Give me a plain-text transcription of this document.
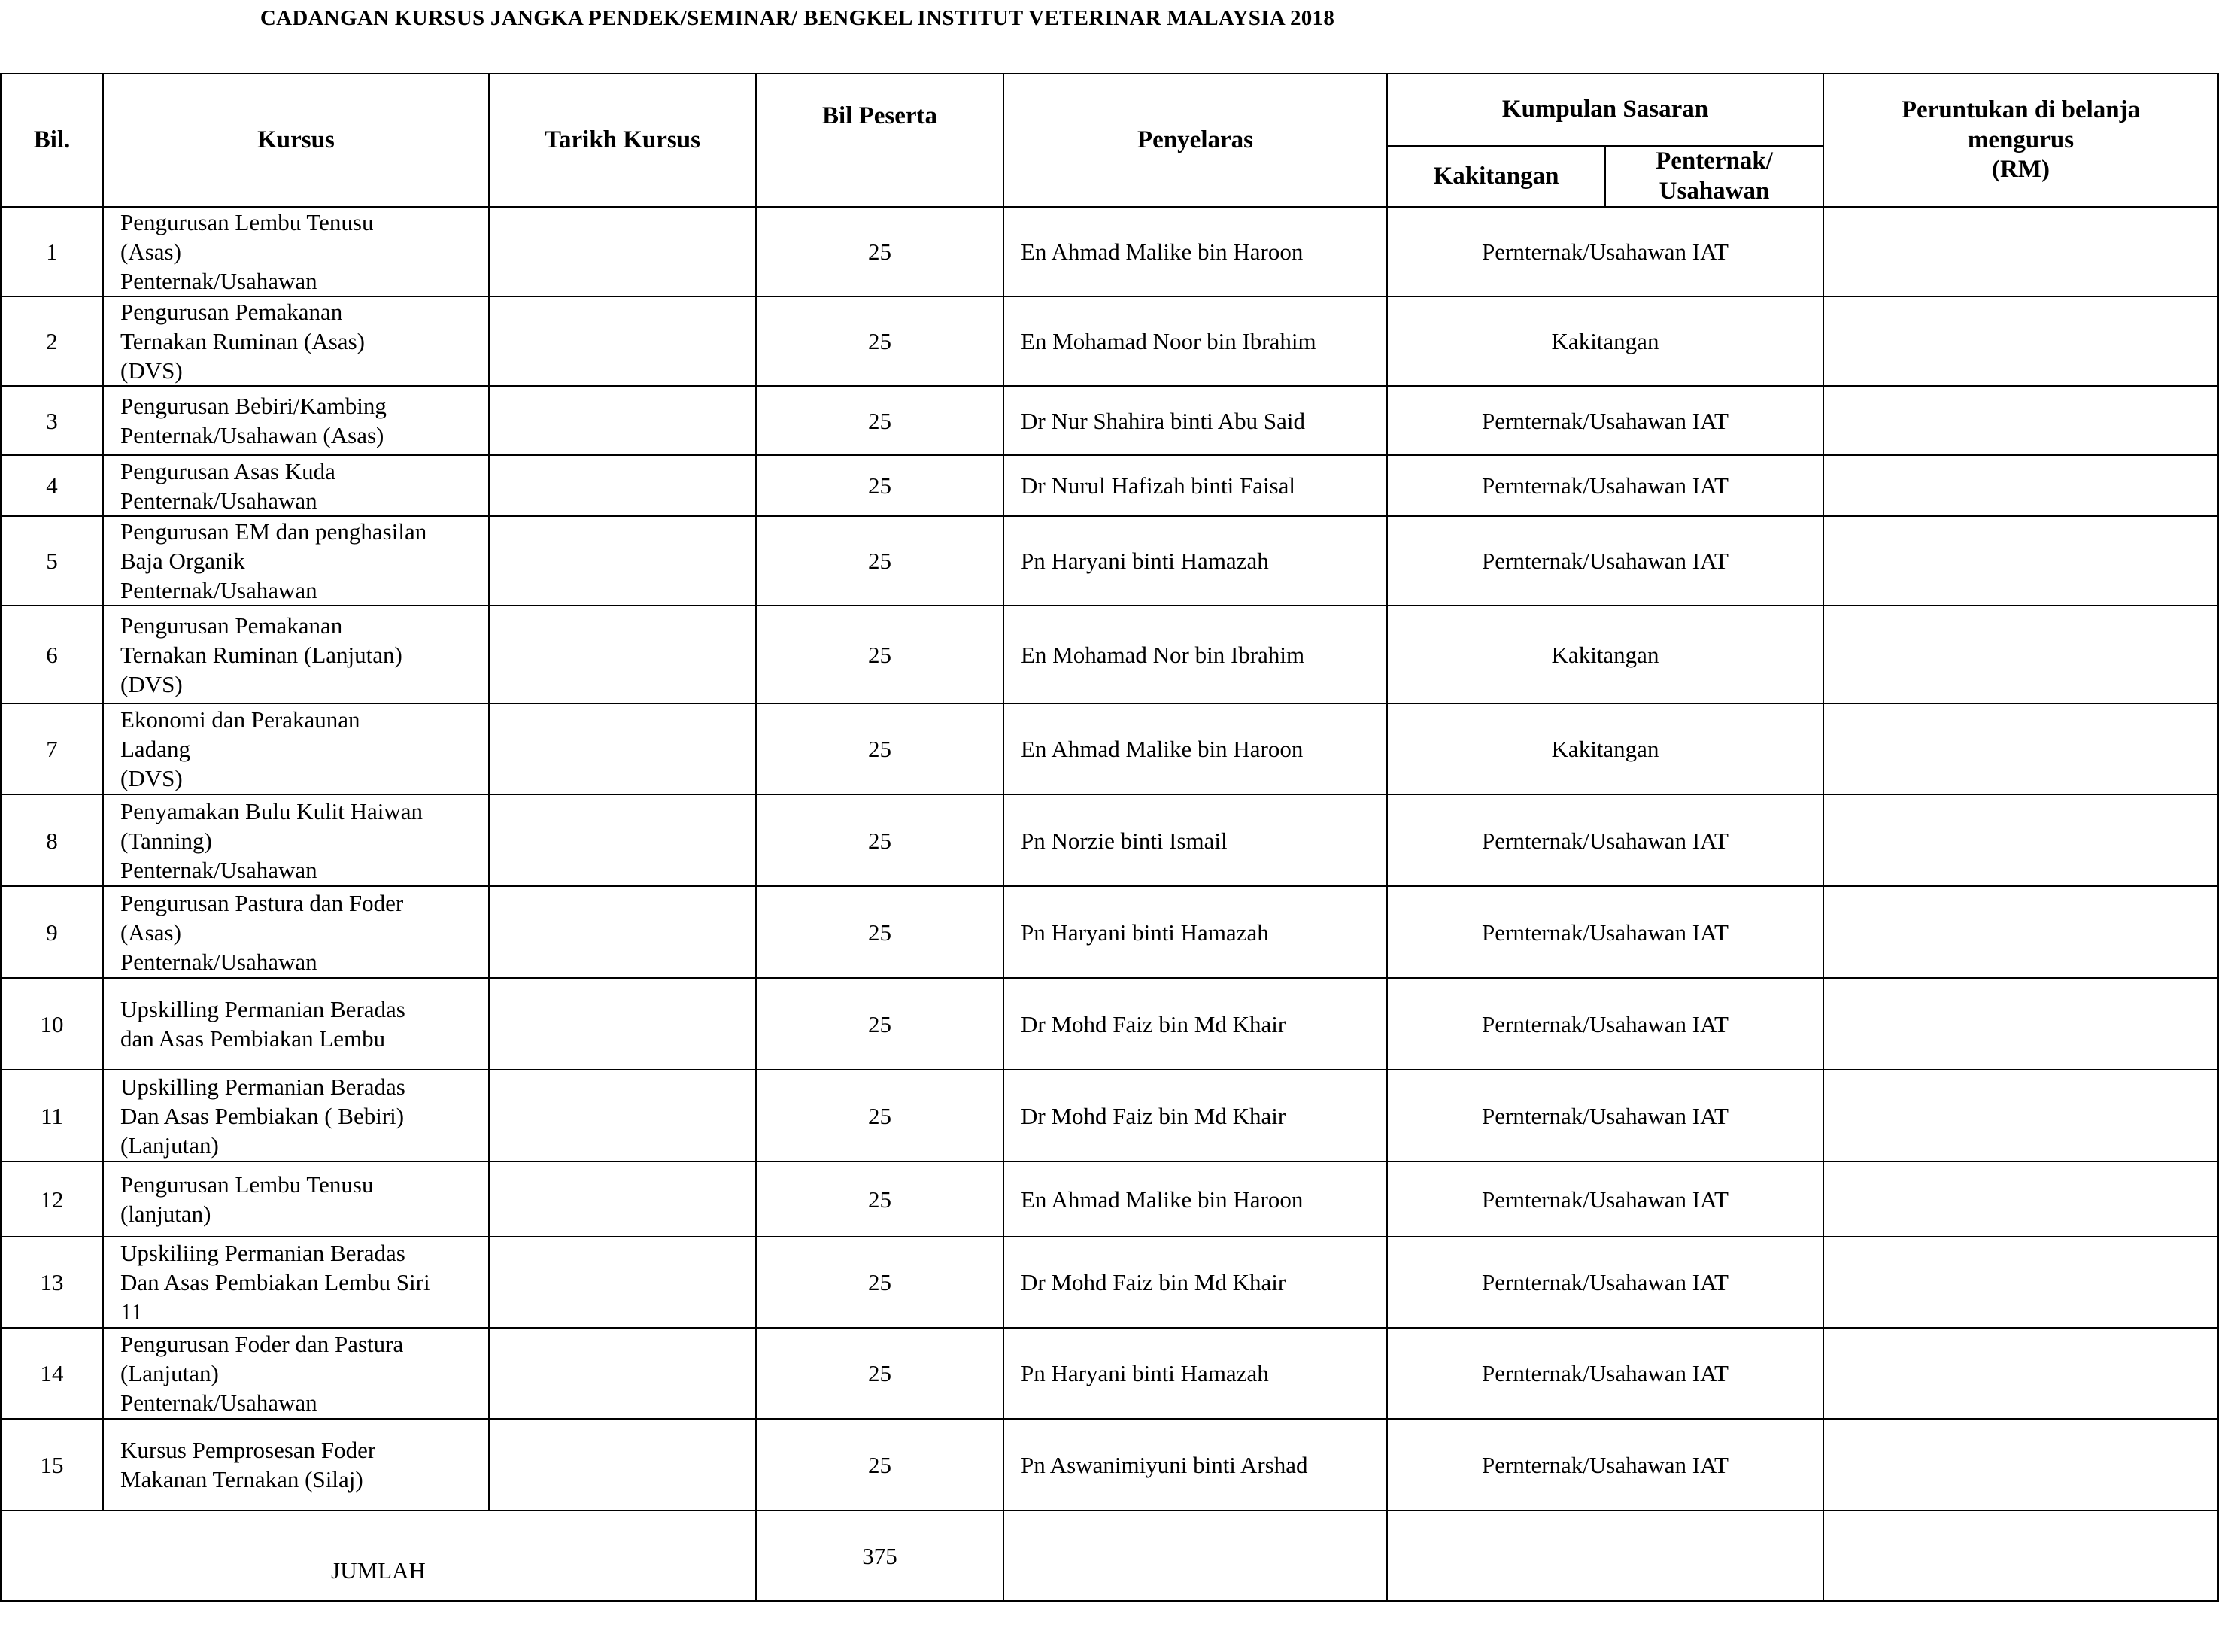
CADANGAN KURSUS JANGKA PENDEK/SEMINAR/ BENGKEL INSTITUT VETERINAR MALAYSIA 2018
Bil.	Kursus	Tarikh Kursus	Bil Peserta	Penyelaras	Kumpulan Sasaran		Peruntukan di belanja
mengurus
(RM)

					Kakitangan	Penternak/
Usahawan	

1	Pengurusan Lembu Tenusu
(Asas)
Penternak/Usahawan		25	En Ahmad Malike bin Haroon	Pernternak/Usahawan IAT		
2	Pengurusan Pemakanan
Ternakan Ruminan (Asas)
(DVS)		25	En Mohamad Noor bin Ibrahim	Kakitangan		
3	Pengurusan Bebiri/Kambing
Penternak/Usahawan (Asas)		25	Dr Nur Shahira binti Abu Said	Pernternak/Usahawan IAT		
4	Pengurusan Asas Kuda
Penternak/Usahawan		25	Dr Nurul Hafizah binti Faisal	Pernternak/Usahawan IAT		
5	Pengurusan EM dan penghasilan
Baja Organik
Penternak/Usahawan		25	Pn Haryani binti Hamazah	Pernternak/Usahawan IAT		
6	Pengurusan Pemakanan
Ternakan Ruminan (Lanjutan)
(DVS)		25	En Mohamad Nor bin Ibrahim	Kakitangan		
7	Ekonomi dan Perakaunan
Ladang
(DVS)		25	En Ahmad Malike bin Haroon	Kakitangan		
8	Penyamakan Bulu Kulit Haiwan
(Tanning)
Penternak/Usahawan		25	Pn Norzie binti Ismail	Pernternak/Usahawan IAT		
9	Pengurusan Pastura dan Foder
(Asas)
Penternak/Usahawan		25	Pn Haryani binti Hamazah	Pernternak/Usahawan IAT		
10	Upskilling Permanian Beradas
dan Asas Pembiakan Lembu		25	Dr Mohd Faiz bin Md Khair	Pernternak/Usahawan IAT		
11	Upskilling Permanian Beradas
Dan Asas Pembiakan ( Bebiri)
(Lanjutan)		25	Dr Mohd Faiz bin Md Khair	Pernternak/Usahawan IAT		
12	Pengurusan Lembu Tenusu
(lanjutan)		25	En Ahmad Malike bin Haroon	Pernternak/Usahawan IAT		
13	Upskiliing Permanian Beradas
Dan Asas Pembiakan Lembu Siri
11		25	Dr Mohd Faiz bin Md Khair	Pernternak/Usahawan IAT		
14	Pengurusan Foder dan Pastura
(Lanjutan)
Penternak/Usahawan		25	Pn Haryani binti Hamazah	Pernternak/Usahawan IAT		
15	Kursus Pemprosesan Foder
Makanan Ternakan (Silaj)		25	Pn Aswanimiyuni binti Arshad	Pernternak/Usahawan IAT		
JUMLAH			375				
